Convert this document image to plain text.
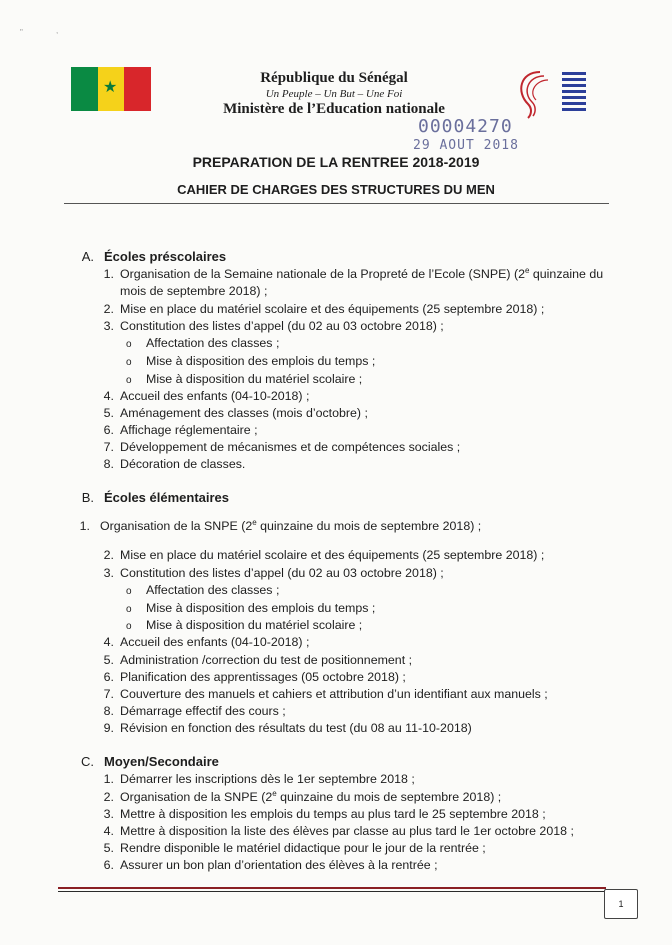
"	,
★
République du Sénégal
Un Peuple – Un But – Une Foi
Ministère de l’Education nationale
00004270
29 AOUT 2018
PREPARATION DE LA RENTREE 2018-2019
CAHIER DE CHARGES DES STRUCTURES DU MEN
A. Écoles préscolaires
1. Organisation de la Semaine nationale de la Propreté de l’Ecole (SNPE) (2e quinzaine du
mois de septembre 2018) ;
2. Mise en place du matériel scolaire et des équipements (25 septembre 2018) ;
3. Constitution des listes d’appel (du 02 au 03 octobre 2018) ;
o Affectation des classes ;
o Mise à disposition des emplois du temps ;
o Mise à disposition du matériel scolaire ;
4. Accueil des enfants (04-10-2018) ;
5. Aménagement des classes (mois d’octobre) ;
6. Affichage réglementaire ;
7. Développement de mécanismes et de compétences sociales ;
8. Décoration de classes.
B. Écoles élémentaires
1. Organisation de la SNPE (2e quinzaine du mois de septembre 2018) ;
2. Mise en place du matériel scolaire et des équipements (25 septembre 2018) ;
3. Constitution des listes d’appel (du 02 au 03 octobre 2018) ;
o Affectation des classes ;
o Mise à disposition des emplois du temps ;
o Mise à disposition du matériel scolaire ;
4. Accueil des enfants (04-10-2018) ;
5. Administration /correction du test de positionnement ;
6. Planification des apprentissages (05 octobre 2018) ;
7. Couverture des manuels et cahiers et attribution d’un identifiant aux manuels ;
8. Démarrage effectif des cours ;
9. Révision en fonction des résultats du test (du 08 au 11-10-2018)
C. Moyen/Secondaire
1. Démarrer les inscriptions dès le 1er septembre 2018 ;
2. Organisation de la SNPE (2e quinzaine du mois de septembre 2018) ;
3. Mettre à disposition les emplois du temps au plus tard le 25 septembre 2018 ;
4. Mettre à disposition la liste des élèves par classe au plus tard le 1er octobre 2018 ;
5. Rendre disponible le matériel didactique pour le jour de la rentrée ;
6. Assurer un bon plan d’orientation des élèves à la rentrée ;
1
